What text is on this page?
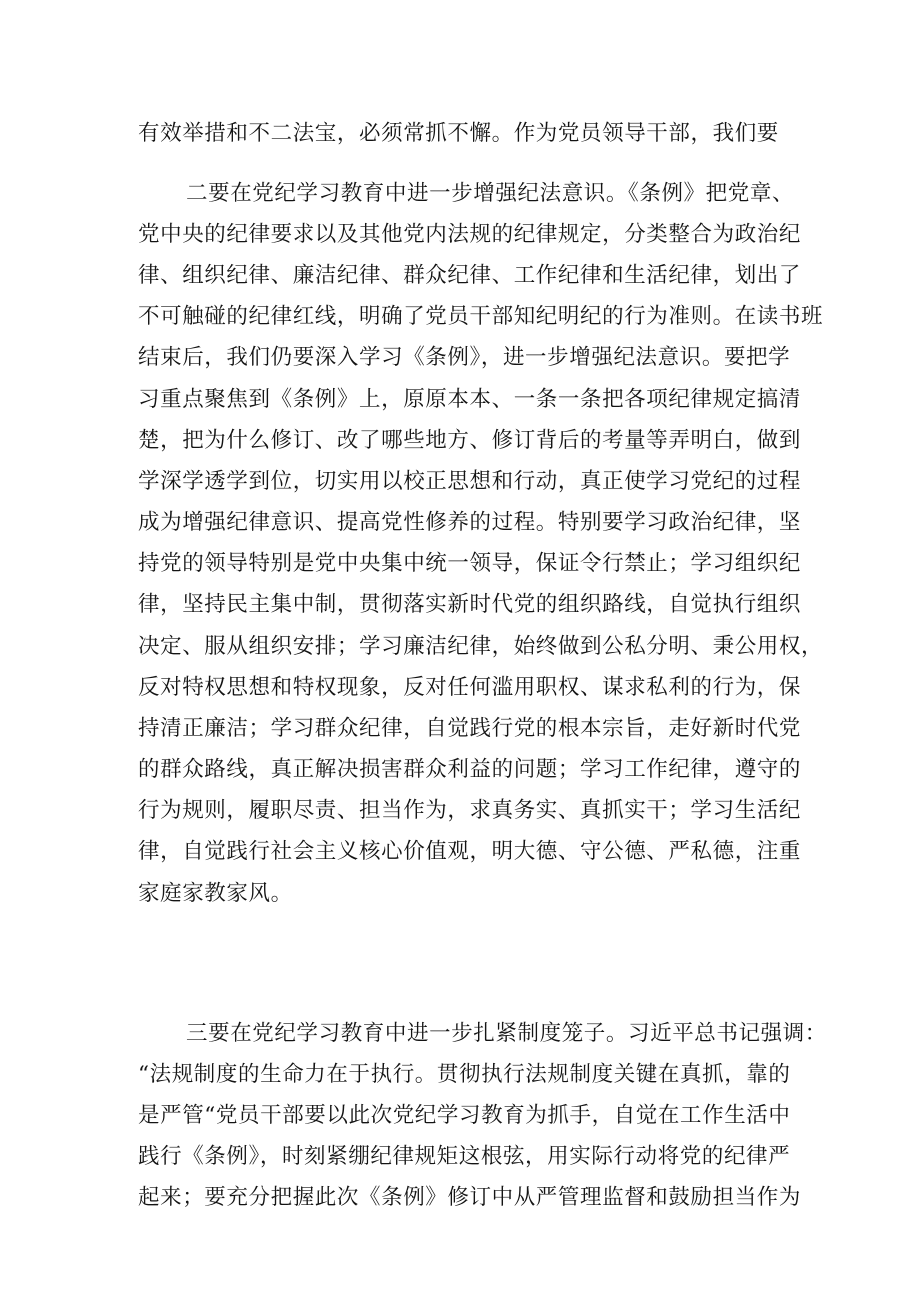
有效举措和不二法宝，必须常抓不懈。作为党员领导干部，我们要
二要在党纪学习教育中进一步增强纪法意识。《条例》把党章、
党中央的纪律要求以及其他党内法规的纪律规定，分类整合为政治纪
律、组织纪律、廉洁纪律、群众纪律、工作纪律和生活纪律，划出了
不可触碰的纪律红线，明确了党员干部知纪明纪的行为准则。在读书班
结束后，我们仍要深入学习《条例》，进一步增强纪法意识。要把学
习重点聚焦到《条例》上，原原本本、一条一条把各项纪律规定搞清
楚，把为什么修订、改了哪些地方、修订背后的考量等弄明白，做到
学深学透学到位，切实用以校正思想和行动，真正使学习党纪的过程
成为增强纪律意识、提高党性修养的过程。特别要学习政治纪律，坚
持党的领导特别是党中央集中统一领导，保证令行禁止；学习组织纪
律，坚持民主集中制，贯彻落实新时代党的组织路线，自觉执行组织
决定、服从组织安排；学习廉洁纪律，始终做到公私分明、秉公用权，
反对特权思想和特权现象，反对任何滥用职权、谋求私利的行为，保
持清正廉洁；学习群众纪律，自觉践行党的根本宗旨，走好新时代党
的群众路线，真正解决损害群众利益的问题；学习工作纪律，遵守的
行为规则，履职尽责、担当作为，求真务实、真抓实干；学习生活纪
律，自觉践行社会主义核心价值观，明大德、守公德、严私德，注重
家庭家教家风。
三要在党纪学习教育中进一步扎紧制度笼子。习近平总书记强调：
“法规制度的生命力在于执行。贯彻执行法规制度关键在真抓，靠的
是严管“党员干部要以此次党纪学习教育为抓手，自觉在工作生活中
践行《条例》，时刻紧绷纪律规矩这根弦，用实际行动将党的纪律严
起来；要充分把握此次《条例》修订中从严管理监督和鼓励担当作为
